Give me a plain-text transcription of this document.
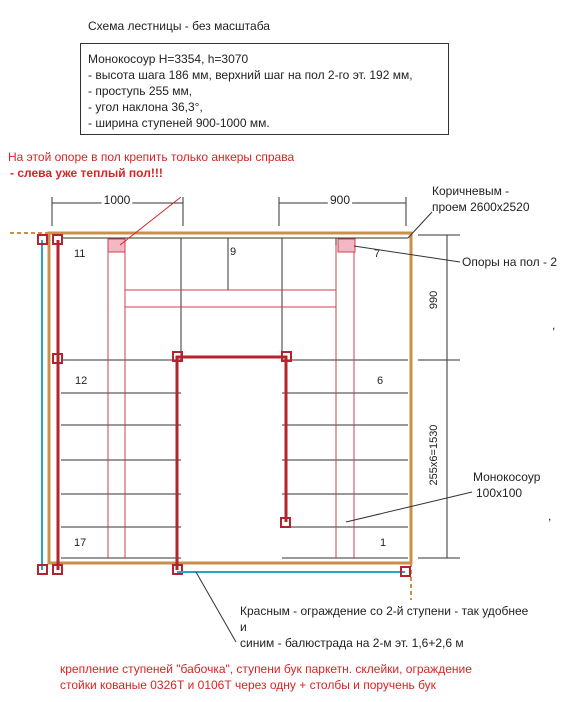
Схема лестницы - без масштаба
Монокосоур H=3354, h=3070
- высота шага 186 мм, верхний шаг на пол 2-го эт. 192 мм,
- проступь 255 мм,
- угол наклона 36,3°,
- ширина ступеней 900-1000 мм.
На этой опоре в пол крепить только анкеры справа
- слева уже теплый пол!!!
1000	900
990
255x6=1530
11	9	7
12	6
17	1
,
,
Коричневым -
проем 2600x2520
Опоры на пол - 2
Монокосоур
100x100
Красным - ограждение со 2-й ступени - так удобнее
и
синим - балюстрада на 2-м эт. 1,6+2,6 м
крепление ступеней "бабочка", ступени бук паркетн. склейки, ограждение
стойки кованые 0326Т и 0106Т через одну + столбы и поручень бук
